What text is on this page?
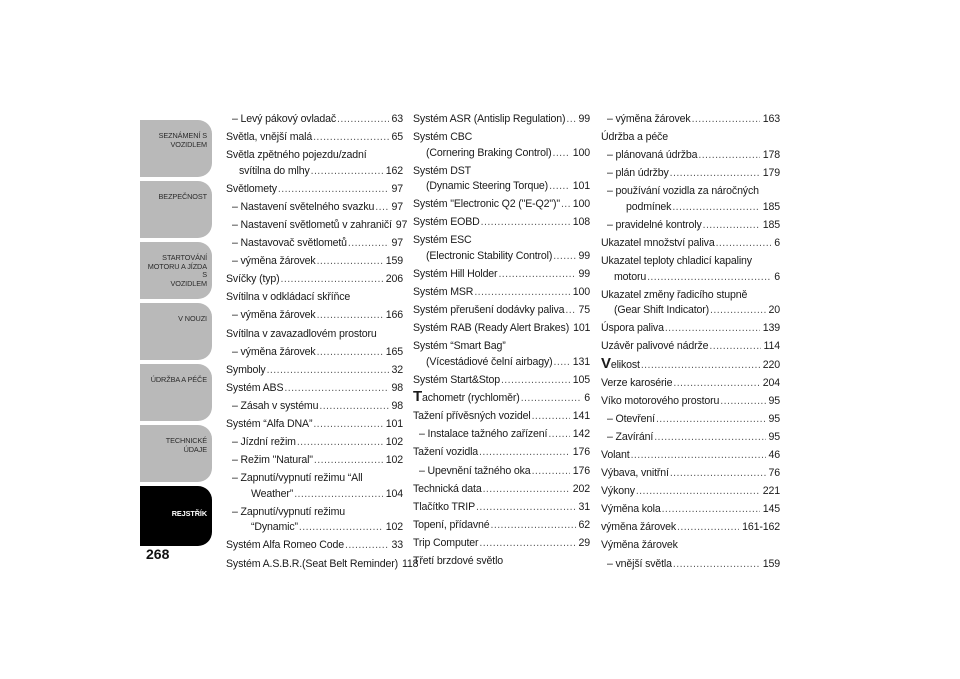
SEZNÁMENÍ S
VOZIDLEM
BEZPEČNOST
STARTOVÁNÍ
MOTORU A JÍZDA S
VOZIDLEM
V NOUZI
ÚDRŽBA A PÉČE
TECHNICKÉ ÚDAJE
REJSTŘÍK
268
– Levý pákový ovladač .....	63
Světla, vnější malá .....	65
Světla zpětného pojezdu/zadní
svítilna do mlhy .....	162
Světlomety .....	97
– Nastavení světelného svazku ..... 97
– Nastavení světlometů v zahraničí 97
– Nastavovač světlometů .....	97
– výměna žárovek .....	159
Svíčky (typ) .....	206
Svítilna v odkládací skříňce
– výměna žárovek .....	166
Svítilna v zavazadlovém prostoru
– výměna žárovek .....	165
Symboly .....	32
Systém ABS .....	98
– Zásah v systému .....	98
Systém “Alfa DNA” .....	101
– Jízdní režim .....	102
– Režim "Natural" .....	102
– Zapnutí/vypnutí režimu “All
Weather” .....	104
– Zapnutí/vypnutí režimu
“Dynamic” .....	102
Systém Alfa Romeo Code .....	33
Systém A.S.B.R.(Seat Belt Reminder) 118
Systém ASR (Antislip Regulation) ..... 99
Systém CBC
(Cornering Braking Control) ..... 100
Systém DST
(Dynamic Steering Torque) ..... 101
Systém "Electronic Q2 ("E-Q2")" ..... 100
Systém EOBD .....	108
Systém ESC
(Electronic Stability Control) ..... 99
Systém Hill Holder .....	99
Systém MSR .....	100
Systém přerušení dodávky paliva ..... 75
Systém RAB (Ready Alert Brakes) 101
Systém “Smart Bag”
(Vícestádiové čelní airbagy) ..... 131
Systém Start&Stop .....	105
Tachometr (rychloměr) .....	6
Tažení přívěsných vozidel .....	141
– Instalace tažného zařízení ..... 142
Tažení vozidla .....	176
– Upevnění tažného oka .....	176
Technická data .....	202
Tlačítko TRIP .....	31
Topení, přídavné .....	62
Trip Computer .....	29
Třetí brzdové světlo
– výměna žárovek .....	163
Údržba a péče
– plánovaná údržba .....	178
– plán údržby .....	179
– používání vozidla za náročných
podmínek .....	185
– pravidelné kontroly .....	185
Ukazatel množství paliva .....	6
Ukazatel teploty chladicí kapaliny
motoru .....	6
Ukazatel změny řadicího stupně
(Gear Shift Indicator) .....	20
Úspora paliva .....	139
Uzávěr palivové nádrže .....	114
Velikost .....	220
Verze karosérie .....	204
Víko motorového prostoru .....	95
– Otevření .....	95
– Zavírání .....	95
Volant .....	46
Výbava, vnitřní .....	76
Výkony .....	221
Výměna kola .....	145
výměna žárovek .....	161-162
Výměna žárovek
– vnější světla .....	159
